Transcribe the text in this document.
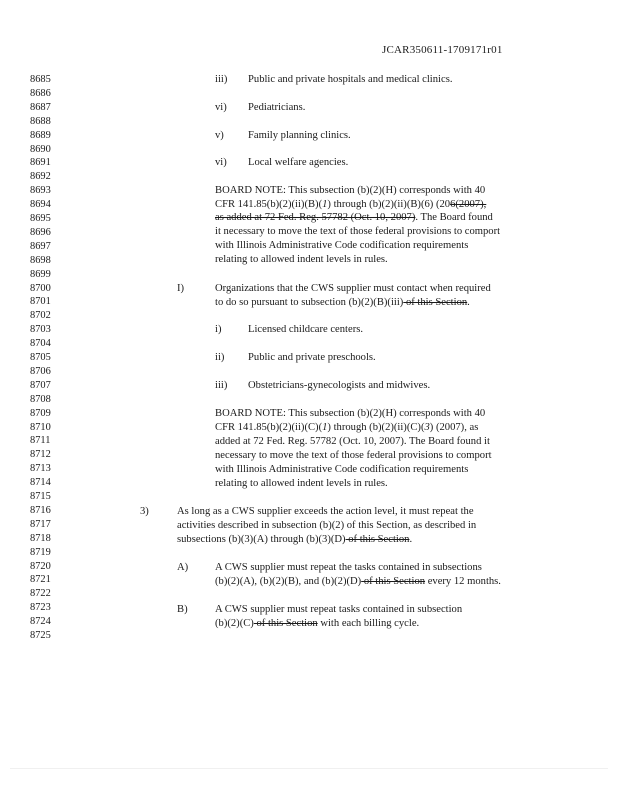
JCAR350611-1709171r01
8685
8686
8687
8688
8689
8690
8691
8692
8693
8694
8695
8696
8697
8698
8699
8700
8701
8702
8703
8704
8705
8706
8707
8708
8709
8710
8711
8712
8713
8714
8715
8716
8717
8718
8719
8720
8721
8722
8723
8724
8725
iii) Public and private hospitals and medical clinics.
vi) Pediatricians.
v) Family planning clinics.
vi) Local welfare agencies.
BOARD NOTE: This subsection (b)(2)(H) corresponds with 40
CFR 141.85(b)(2)(ii)(B)(1) through (b)(2)(ii)(B)(6) (206(2007),
as added at 72 Fed. Reg. 57782 (Oct. 10, 2007). The Board found
it necessary to move the text of those federal provisions to comport
with Illinois Administrative Code codification requirements
relating to allowed indent levels in rules.
I)	Organizations that the CWS supplier must contact when required
to do so pursuant to subsection (b)(2)(B)(iii) of this Section.
i)	Licensed childcare centers.
ii) Public and private preschools.
iii) Obstetricians-gynecologists and midwives.
BOARD NOTE: This subsection (b)(2)(H) corresponds with 40
CFR 141.85(b)(2)(ii)(C)(1) through (b)(2)(ii)(C)(3) (2007), as
added at 72 Fed. Reg. 57782 (Oct. 10, 2007). The Board found it
necessary to move the text of those federal provisions to comport
with Illinois Administrative Code codification requirements
relating to allowed indent levels in rules.
3)	As long as a CWS supplier exceeds the action level, it must repeat the
activities described in subsection (b)(2) of this Section, as described in
subsections (b)(3)(A) through (b)(3)(D) of this Section.
A)	A CWS supplier must repeat the tasks contained in subsections
(b)(2)(A), (b)(2)(B), and (b)(2)(D) of this Section every 12 months.
B)	A CWS supplier must repeat tasks contained in subsection
(b)(2)(C) of this Section with each billing cycle.
